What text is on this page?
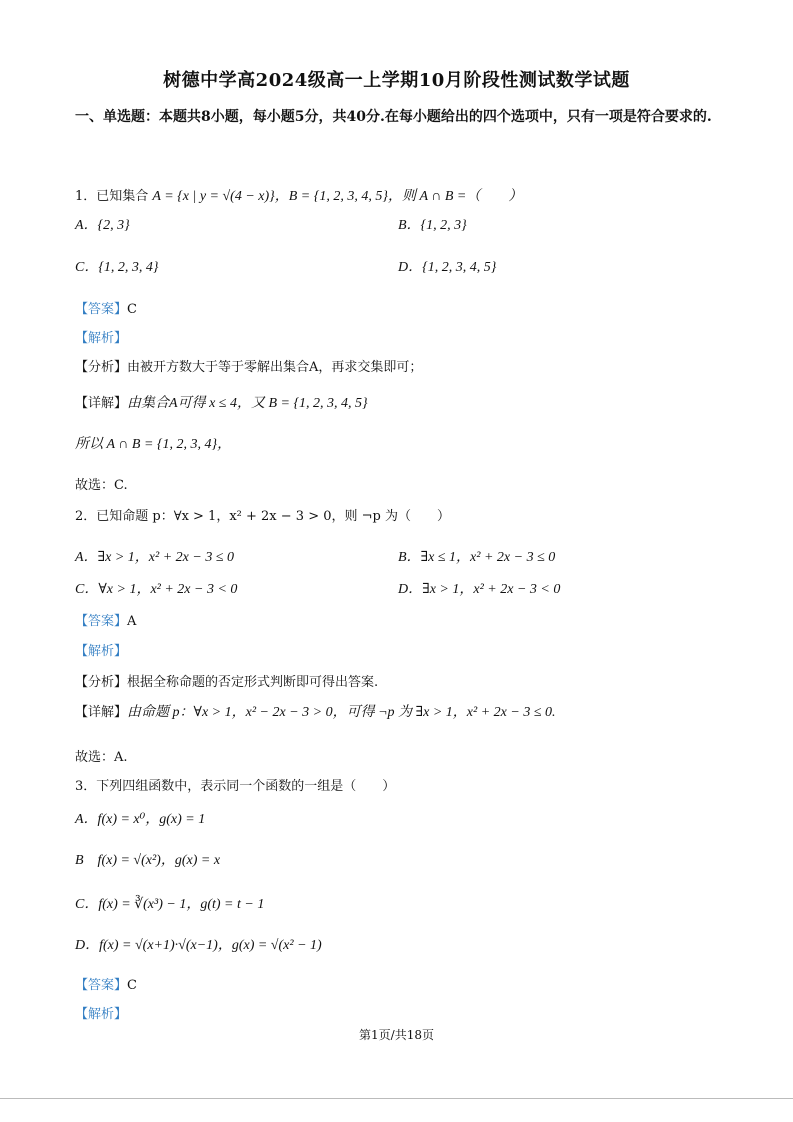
树德中学高2024级高一上学期10月阶段性测试数学试题
一、单选题：本题共8小题，每小题5分，共40分.在每小题给出的四个选项中，只有一项是符合要求的.
1．已知集合 A = {x | y = √(4 − x)}，B = {1, 2, 3, 4, 5}，则 A ∩ B =（　　）
A．{2, 3}	B．{1, 2, 3}
C．{1, 2, 3, 4}	D．{1, 2, 3, 4, 5}
【答案】C
【解析】
【分析】由被开方数大于等于零解出集合A，再求交集即可；
【详解】由集合A可得 x ≤ 4，又 B = {1, 2, 3, 4, 5}
所以 A ∩ B = {1, 2, 3, 4}，
故选：C.
2．已知命题 p：∀x > 1，x² + 2x − 3 > 0，则 ¬p 为（　　）
A．∃x > 1，x² + 2x − 3 ≤ 0	B．∃x ≤ 1，x² + 2x − 3 ≤ 0
C．∀x > 1，x² + 2x − 3 < 0	D．∃x > 1，x² + 2x − 3 < 0
【答案】A
【解析】
【分析】根据全称命题的否定形式判断即可得出答案.
【详解】由命题 p：∀x > 1，x² − 2x − 3 > 0，可得 ¬p 为 ∃x > 1，x² + 2x − 3 ≤ 0.
故选：A.
3．下列四组函数中，表示同一个函数的一组是（　　）
A．f(x) = x⁰，g(x) = 1
B　f(x) = √(x²)，g(x) = x
C．f(x) = ∛(x³) − 1，g(t) = t − 1
D．f(x) = √(x+1)·√(x−1)，g(x) = √(x² − 1)
【答案】C
【解析】
第1页/共18页
